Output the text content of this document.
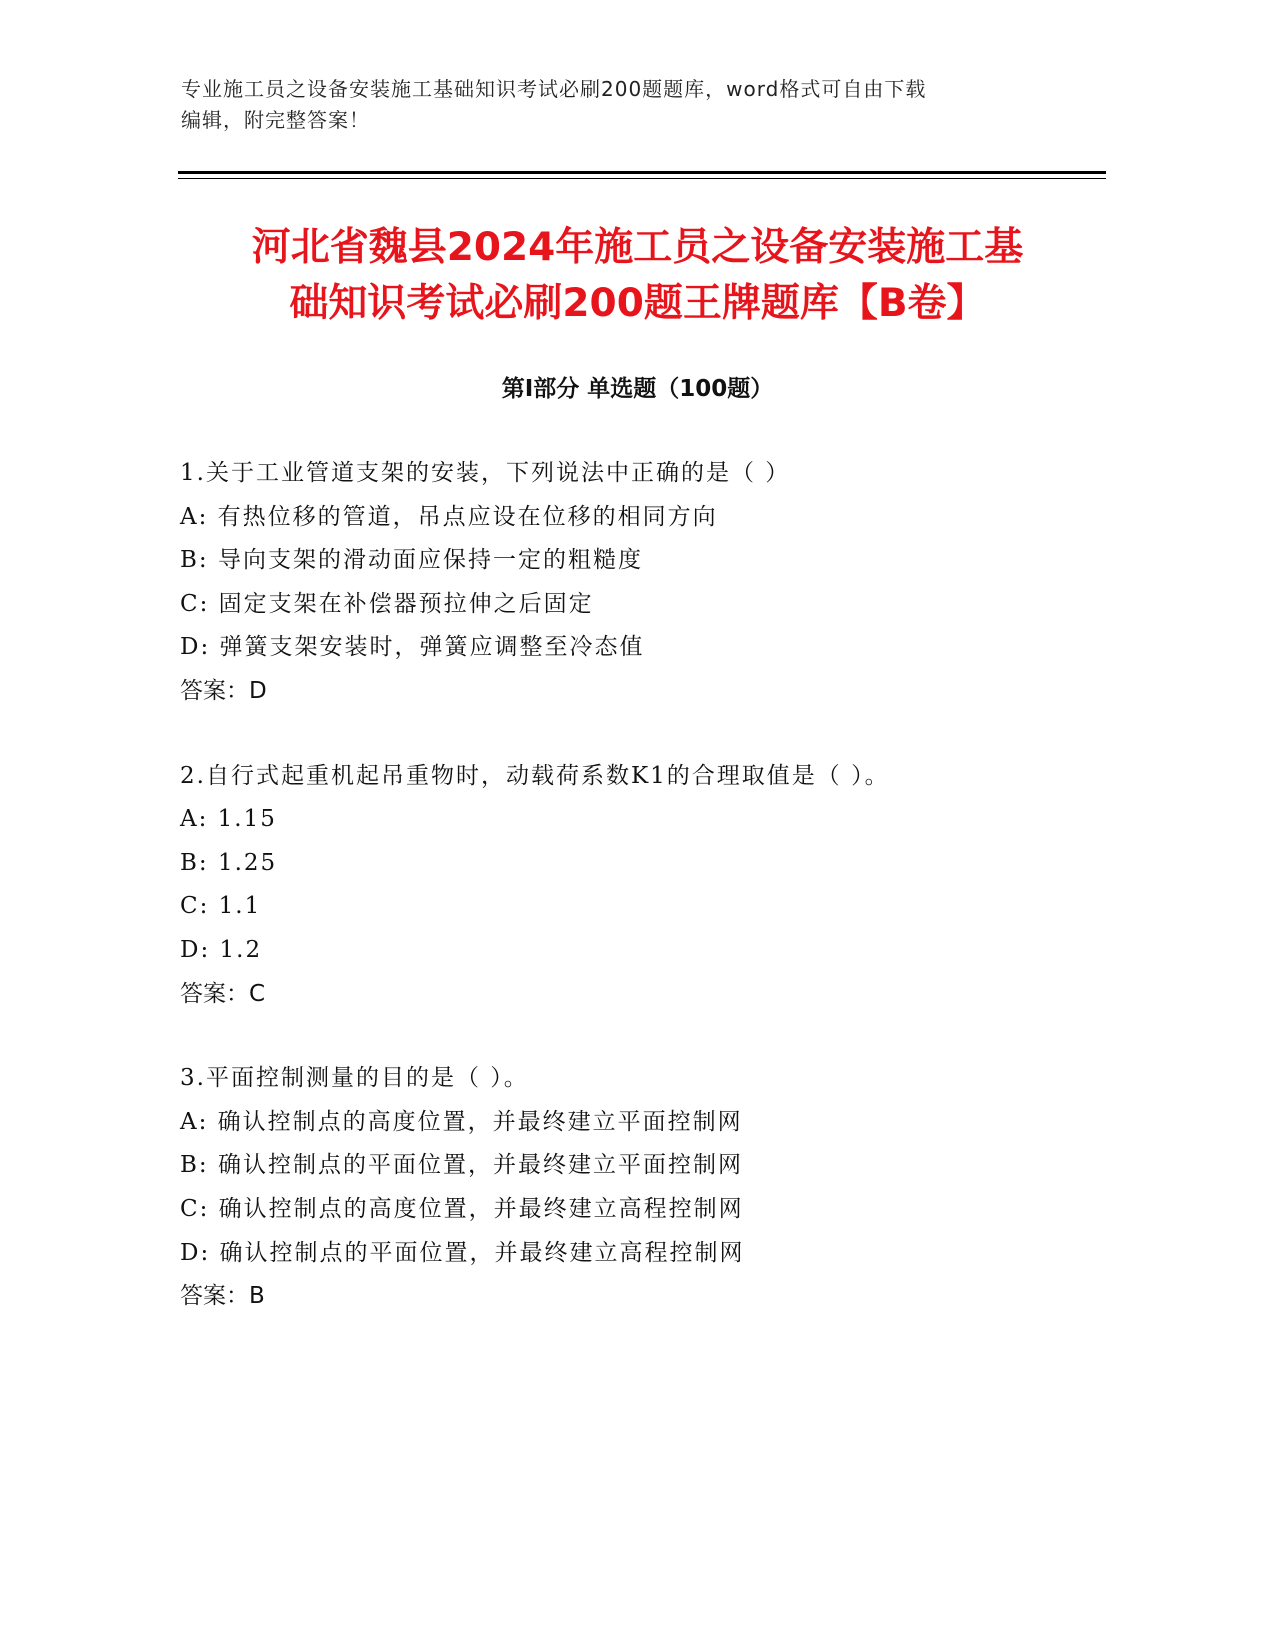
专业施工员之设备安装施工基础知识考试必刷200题题库，word格式可自由下载
编辑，附完整答案！
河北省魏县2024年施工员之设备安装施工基
础知识考试必刷200题王牌题库【B卷】
第Ⅰ部分 单选题（100题）
1.关于工业管道支架的安装，下列说法中正确的是（ ）
A: 有热位移的管道，吊点应设在位移的相同方向
B: 导向支架的滑动面应保持一定的粗糙度
C: 固定支架在补偿器预拉伸之后固定
D: 弹簧支架安装时，弹簧应调整至冷态值
答案：D
2.自行式起重机起吊重物时，动载荷系数K1的合理取值是（ ）。
A: 1.15
B: 1.25
C: 1.1
D: 1.2
答案：C
3.平面控制测量的目的是（ ）。
A: 确认控制点的高度位置，并最终建立平面控制网
B: 确认控制点的平面位置，并最终建立平面控制网
C: 确认控制点的高度位置，并最终建立高程控制网
D: 确认控制点的平面位置，并最终建立高程控制网
答案：B
